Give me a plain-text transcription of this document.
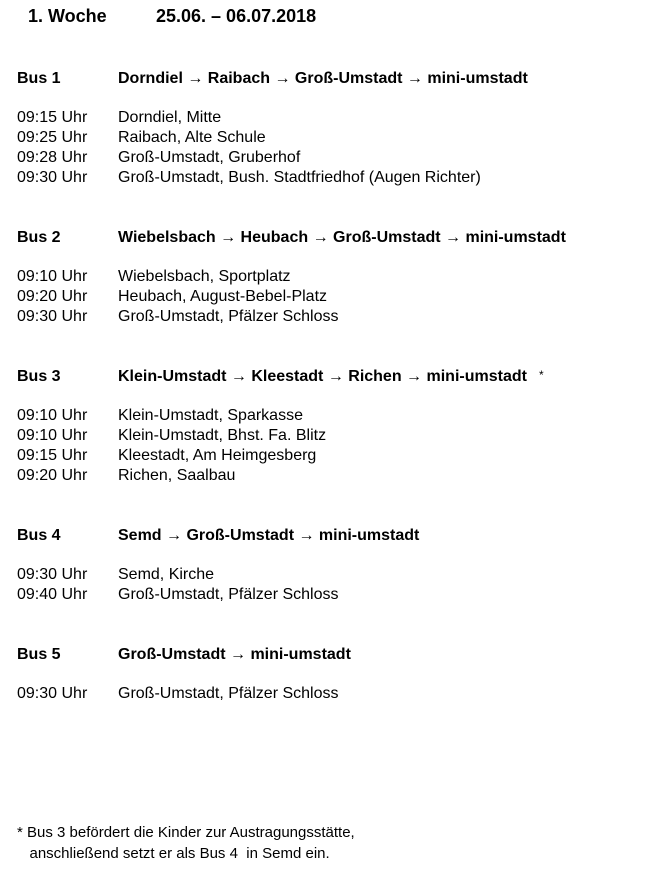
1. Woche	25.06. – 06.07.2018
Bus 1	Dorndiel → Raibach → Groß-Umstadt → mini-umstadt
09:15 Uhr Dorndiel, Mitte
09:25 Uhr Raibach, Alte Schule
09:28 Uhr Groß-Umstadt, Gruberhof
09:30 Uhr Groß-Umstadt, Bush. Stadtfriedhof (Augen Richter)
Bus 2	Wiebelsbach → Heubach → Groß-Umstadt → mini-umstadt
09:10 Uhr Wiebelsbach, Sportplatz
09:20 Uhr Heubach, August-Bebel-Platz
09:30 Uhr Groß-Umstadt, Pfälzer Schloss
Bus 3	Klein-Umstadt → Kleestadt → Richen → mini-umstadt *
09:10 Uhr Klein-Umstadt, Sparkasse
09:10 Uhr Klein-Umstadt, Bhst. Fa. Blitz
09:15 Uhr Kleestadt, Am Heimgesberg
09:20 Uhr Richen, Saalbau
Bus 4	Semd → Groß-Umstadt → mini-umstadt
09:30 Uhr Semd, Kirche
09:40 Uhr Groß-Umstadt, Pfälzer Schloss
Bus 5	Groß-Umstadt → mini-umstadt
09:30 Uhr Groß-Umstadt, Pfälzer Schloss
* Bus 3 befördert die Kinder zur Austragungsstätte,
anschließend setzt er als Bus 4  in Semd ein.
